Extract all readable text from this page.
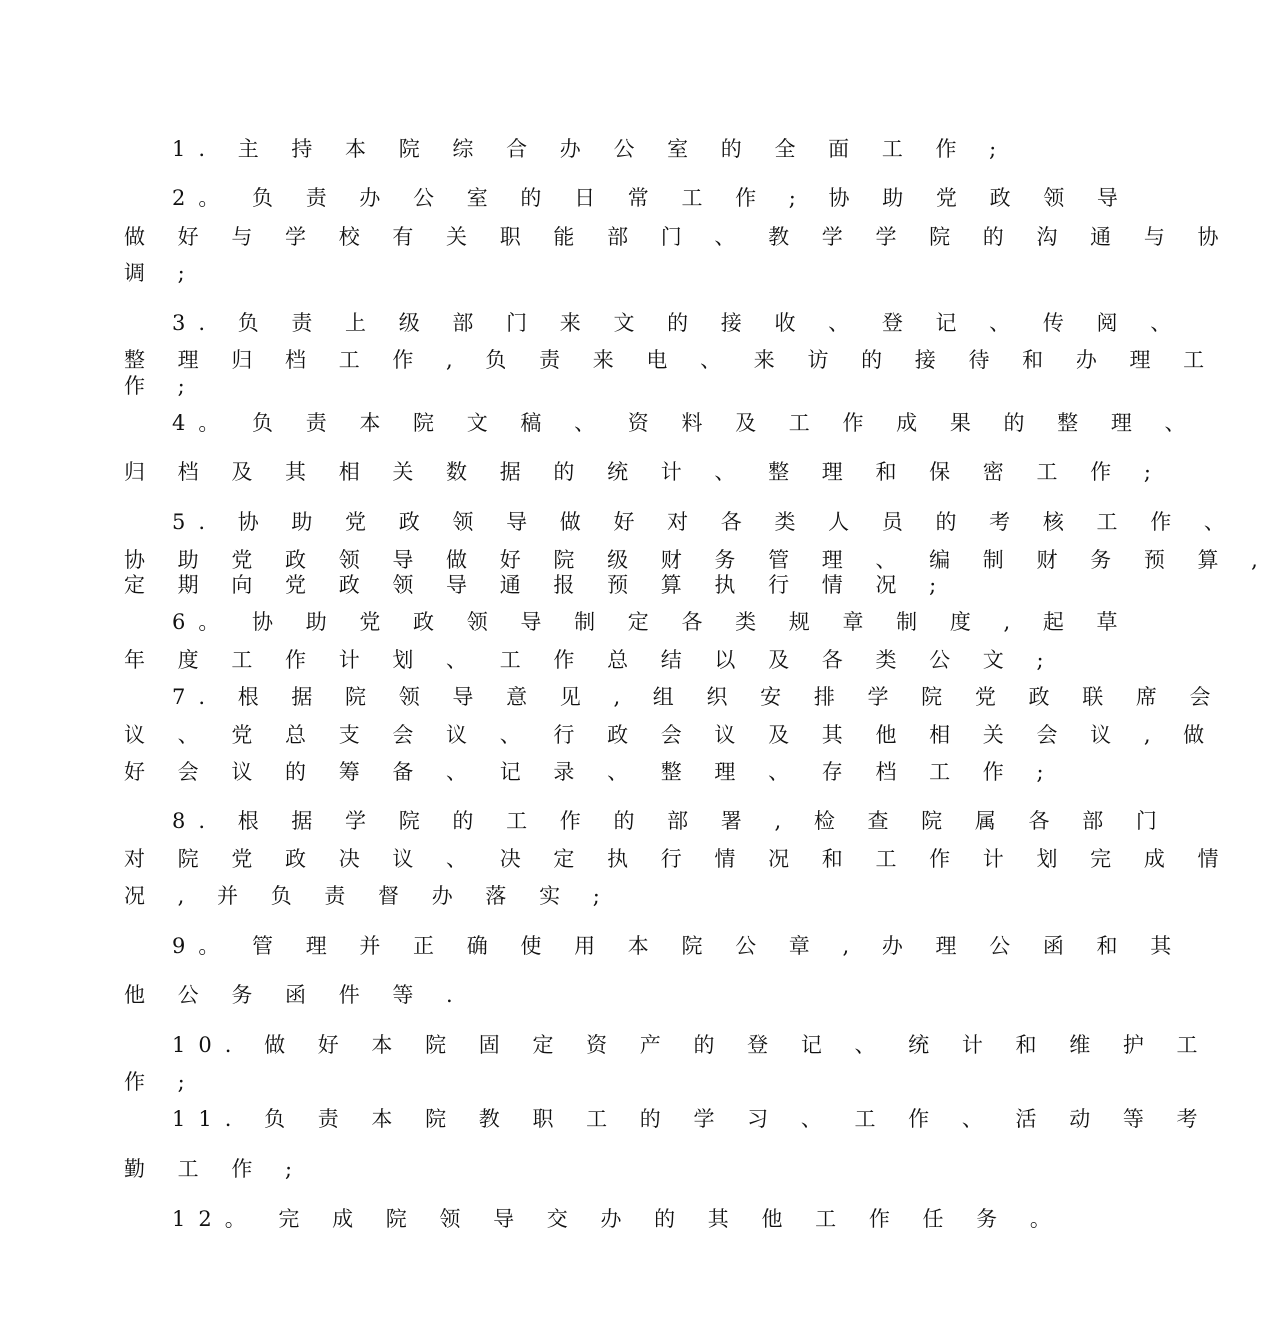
1. 主 持 本 院 综 合 办 公 室 的 全 面 工 作 ;
2。 负 责 办 公 室 的 日 常 工 作 ; 协 助 党 政 领 导
做 好 与 学 校 有 关 职 能 部 门 、 教 学 学 院 的 沟 通 与 协
调 ;
3. 负 责 上 级 部 门 来 文 的 接 收 、 登 记 、 传 阅 、
整 理 归 档 工 作 , 负 责 来 电 、 来 访 的 接 待 和 办 理 工
作 ;
4。 负 责 本 院 文 稿 、 资 料 及 工 作 成 果 的 整 理 、
归 档 及 其 相 关 数 据 的 统 计 、 整 理 和 保 密 工 作 ;
5. 协 助 党 政 领 导 做 好 对 各 类 人 员 的 考 核 工 作 、
协 助 党 政 领 导 做 好 院 级 财 务 管 理 、 编 制 财 务 预 算 ,
定 期 向 党 政 领 导 通 报 预 算 执 行 情 况 ;
6。 协 助 党 政 领 导 制 定 各 类 规 章 制 度 , 起 草
年 度 工 作 计 划 、 工 作 总 结 以 及 各 类 公 文 ;
7. 根 据 院 领 导 意 见 , 组 织 安 排 学 院 党 政 联 席 会
议 、 党 总 支 会 议 、 行 政 会 议 及 其 他 相 关 会 议 , 做
好 会 议 的 筹 备 、 记 录 、 整 理 、 存 档 工 作 ;
8. 根 据 学 院 的 工 作 的 部 署 , 检 查 院 属 各 部 门
对 院 党 政 决 议 、 决 定 执 行 情 况 和 工 作 计 划 完 成 情
况 , 并 负 责 督 办 落 实 ;
9。 管 理 并 正 确 使 用 本 院 公 章 , 办 理 公 函 和 其
他 公 务 函 件 等 .
10. 做 好 本 院 固 定 资 产 的 登 记 、 统 计 和 维 护 工
作 ;
11. 负 责 本 院 教 职 工 的 学 习 、 工 作 、 活 动 等 考
勤 工 作 ;
12。 完 成 院 领 导 交 办 的 其 他 工 作 任 务 。
